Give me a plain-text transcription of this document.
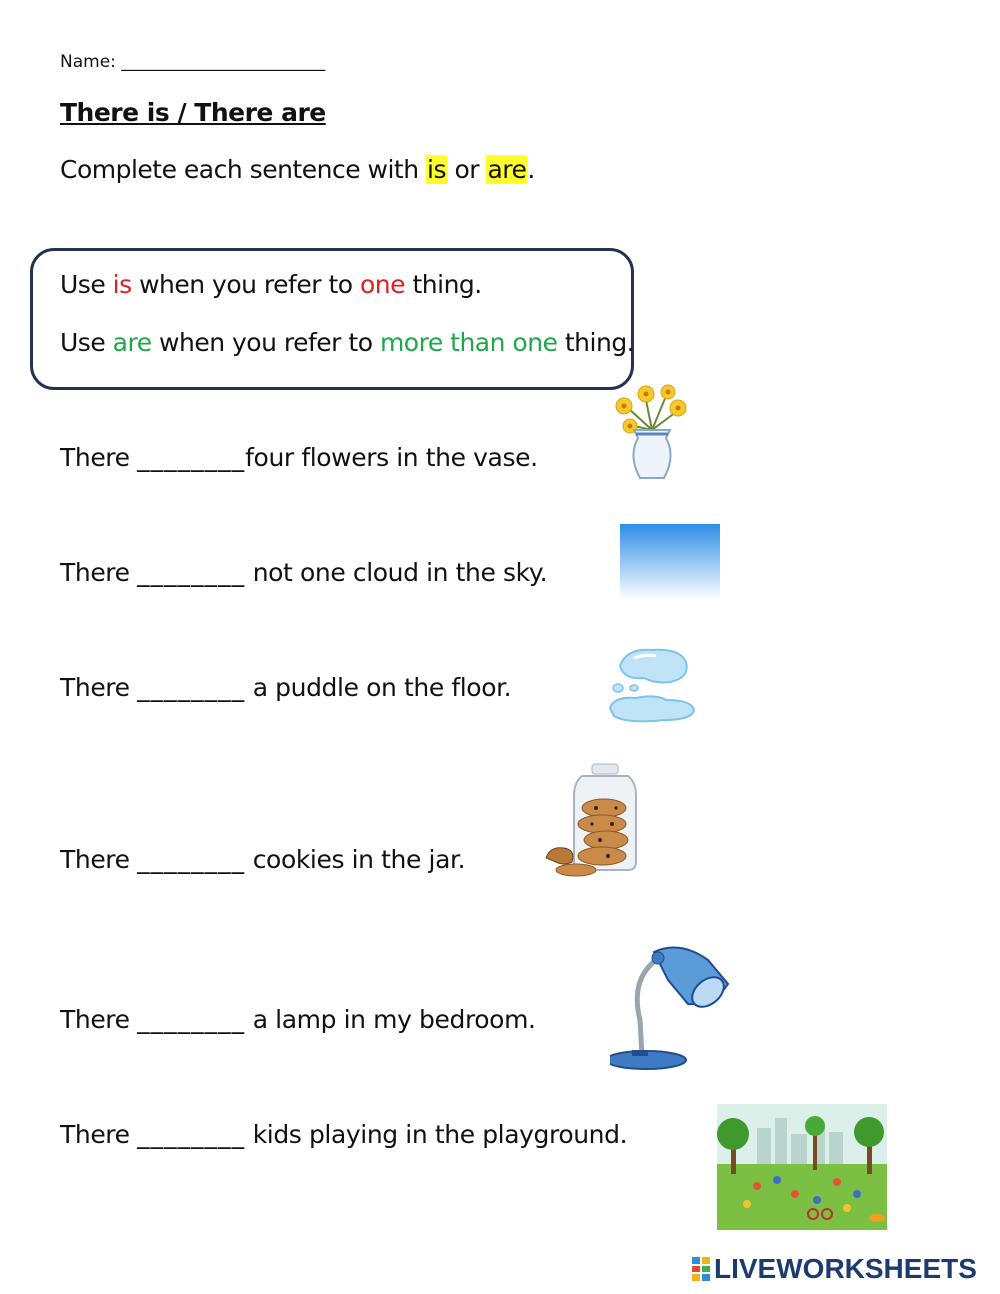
Name: ________________________
There is / There are
Complete each sentence with is or are.
Use is when you refer to one thing.
Use are when you refer to more than one thing.
There ________four flowers in the vase.
There ________ not one cloud in the sky.
There ________ a puddle on the floor.
There ________ cookies in the jar.
There ________ a lamp in my bedroom.
There ________ kids playing in the playground.
LIVEWORKSHEETS
